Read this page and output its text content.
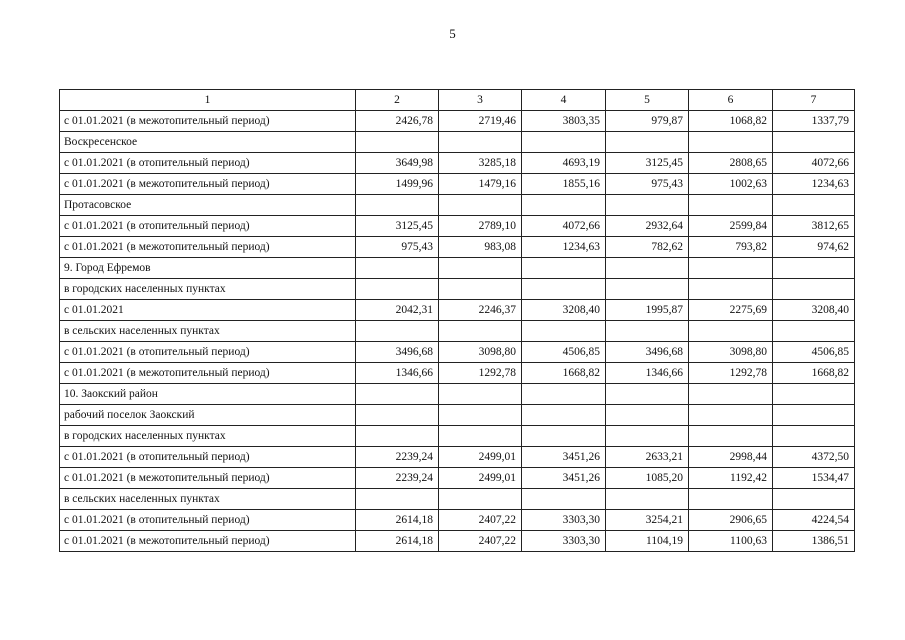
5
1	2	3	4	5	6	7
с 01.01.2021 (в межотопительный период)	2426,78	2719,46	3803,35	979,87	1068,82	1337,79
Воскресенское						
с 01.01.2021 (в отопительный период)	3649,98	3285,18	4693,19	3125,45	2808,65	4072,66
с 01.01.2021 (в межотопительный период)	1499,96	1479,16	1855,16	975,43	1002,63	1234,63
Протасовское						
с 01.01.2021 (в отопительный период)	3125,45	2789,10	4072,66	2932,64	2599,84	3812,65
с 01.01.2021 (в межотопительный период)	975,43	983,08	1234,63	782,62	793,82	974,62
9. Город Ефремов						
в городских населенных пунктах						
с 01.01.2021	2042,31	2246,37	3208,40	1995,87	2275,69	3208,40
в сельских населенных пунктах						
с 01.01.2021 (в отопительный период)	3496,68	3098,80	4506,85	3496,68	3098,80	4506,85
с 01.01.2021 (в межотопительный период)	1346,66	1292,78	1668,82	1346,66	1292,78	1668,82
10. Заокский район						
рабочий поселок Заокский						
в городских населенных пунктах						
с 01.01.2021 (в отопительный период)	2239,24	2499,01	3451,26	2633,21	2998,44	4372,50
с 01.01.2021 (в межотопительный период)	2239,24	2499,01	3451,26	1085,20	1192,42	1534,47
в сельских населенных пунктах						
с 01.01.2021 (в отопительный период)	2614,18	2407,22	3303,30	3254,21	2906,65	4224,54
с 01.01.2021 (в межотопительный период)	2614,18	2407,22	3303,30	1104,19	1100,63	1386,51
